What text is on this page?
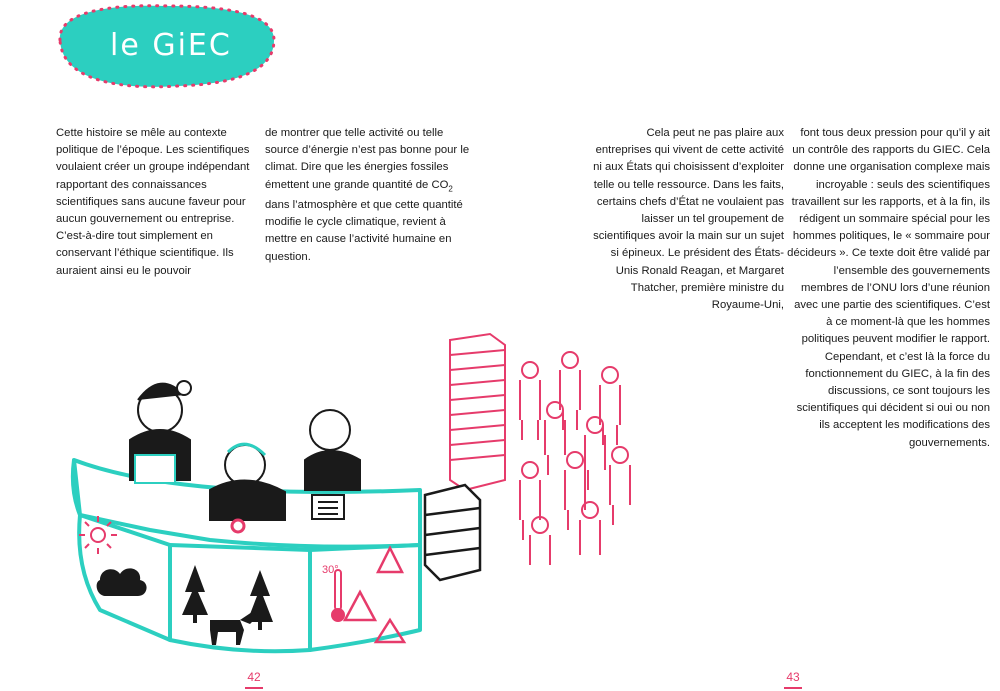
le GiEC
Cette histoire se mêle au contexte politique de l’époque. Les scientifiques voulaient créer un groupe indépendant rapportant des connaissances scientifiques sans aucune faveur pour aucun gouvernement ou entreprise. C’est-à-dire tout simplement en conservant l’éthique scientifique. Ils auraient ainsi eu le pouvoir
de montrer que telle activité ou telle source d’énergie n’est pas bonne pour le climat. Dire que les énergies fossiles émettent une grande quantité de $CO_2$ dans l’atmosphère et que cette quantité modifie le cycle climatique, revient à mettre en cause l’activité humaine en question.
Cela peut ne pas plaire aux entreprises qui vivent de cette activité ni aux États qui choisissent d’exploiter telle ou telle ressource. Dans les faits, certains chefs d’État ne voulaient pas laisser un tel groupement de scientifiques avoir la main sur un sujet si épineux. Le président des États-Unis Ronald Reagan, et Margaret Thatcher, première ministre du Royaume-Uni,
font tous deux pression pour qu’il y ait un contrôle des rapports du GIEC. Cela donne une organisation complexe mais incroyable : seuls des scientifiques travaillent sur les rapports, et à la fin, ils rédigent un sommaire spécial pour les hommes politiques, le « sommaire pour décideurs ». Ce texte doit être validé par l’ensemble des gouvernements membres de l’ONU lors d’une réunion avec une partie des scientifiques. C’est à ce moment-là que les hommes politiques peuvent modifier le rapport. Cependant, et c’est là la force du fonctionnement du GIEC, à la fin des discussions, ce sont toujours les scientifiques qui décident si oui ou non ils acceptent les modifications des gouvernements.
30°
42	43
